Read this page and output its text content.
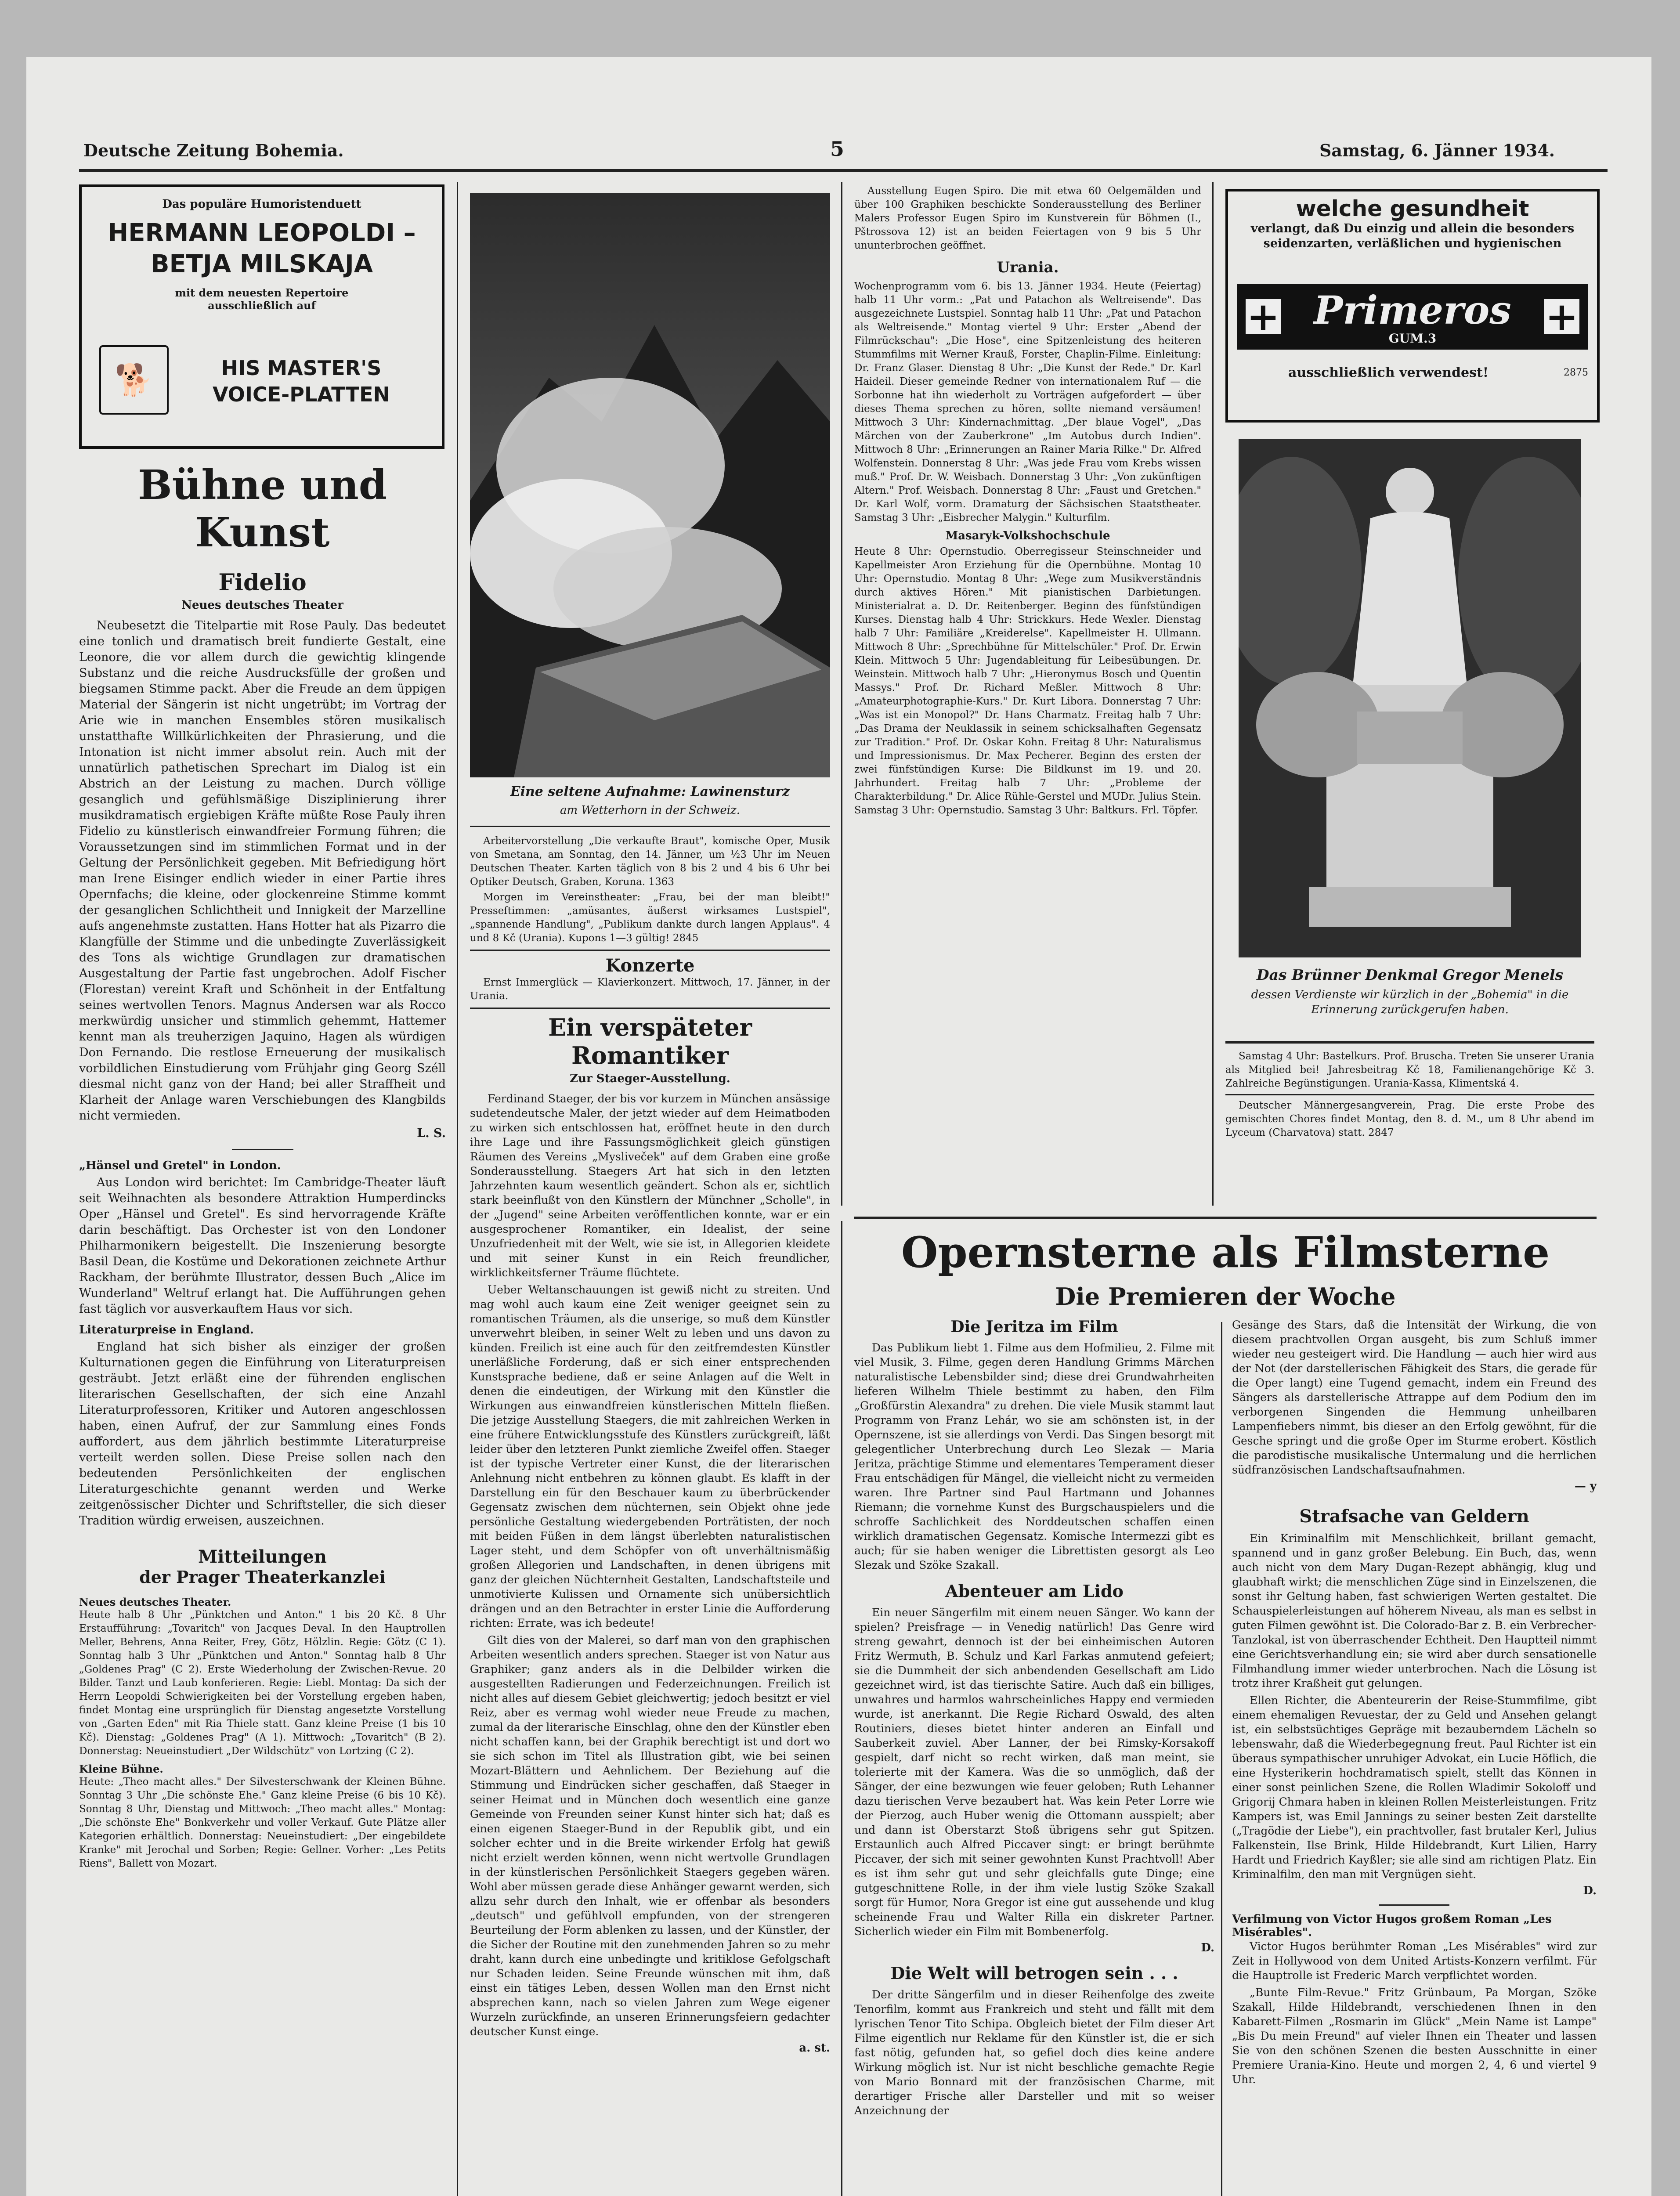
Deutsche Zeitung Bohemia.	5	Samstag, 6. Jänner 1934.
Das populäre Humoristenduett
HERMANN LEOPOLDI –
BETJA MILSKAJA
mit dem neuesten Repertoire
ausschließlich auf
🐕	HIS MASTER'S
VOICE-PLATTEN
Bühne und Kunst
Fidelio
Neues deutsches Theater

Neubesetzt die Titelpartie mit Rose Pauly. Das bedeutet eine tonlich und dramatisch breit fundierte Gestalt, eine Leonore, die vor allem durch die gewichtig klingende Substanz und die reiche Ausdrucksfülle der großen und biegsamen Stimme packt. Aber die Freude an dem üppigen Material der Sängerin ist nicht ungetrübt; im Vortrag der Arie wie in manchen Ensembles stören musikalisch unstatthafte Willkürlichkeiten der Phrasierung, und die Intonation ist nicht immer absolut rein. Auch mit der unnatürlich pathetischen Sprechart im Dialog ist ein Abstrich an der Leistung zu machen. Durch völlige gesanglich und gefühlsmäßige Disziplinierung ihrer musikdramatisch ergiebigen Kräfte müßte Rose Pauly ihren Fidelio zu künstlerisch einwandfreier Formung führen; die Voraussetzungen sind im stimmlichen Format und in der Geltung der Persönlichkeit gegeben. Mit Befriedigung hört man Irene Eisinger endlich wieder in einer Partie ihres Opernfachs; die kleine, oder glockenreine Stimme kommt der gesanglichen Schlichtheit und Innigkeit der Marzelline aufs angenehmste zustatten. Hans Hotter hat als Pizarro die Klangfülle der Stimme und die unbedingte Zuverlässigkeit des Tons als wichtige Grundlagen zur dramatischen Ausgestaltung der Partie fast ungebrochen. Adolf Fischer (Florestan) vereint Kraft und Schönheit in der Entfaltung seines wertvollen Tenors. Magnus Andersen war als Rocco merkwürdig unsicher und stimmlich gehemmt, Hattemer kennt man als treuherzigen Jaquino, Hagen als würdigen Don Fernando. Die restlose Erneuerung der musikalisch vorbildlichen Einstudierung vom Frühjahr ging Georg Széll diesmal nicht ganz von der Hand; bei aller Straffheit und Klarheit der Anlage waren Verschiebungen des Klangbilds nicht vermieden.

L. S.
„Hänsel und Gretel" in London.

Aus London wird berichtet: Im Cambridge-Theater läuft seit Weihnachten als besondere Attraktion Humperdincks Oper „Hänsel und Gretel". Es sind hervorragende Kräfte darin beschäftigt. Das Orchester ist von den Londoner Philharmonikern beigestellt. Die Inszenierung besorgte Basil Dean, die Kostüme und Dekorationen zeichnete Arthur Rackham, der berühmte Illustrator, dessen Buch „Alice im Wunderland" Weltruf erlangt hat. Die Aufführungen gehen fast täglich vor ausverkauftem Haus vor sich.

Literaturpreise in England.

England hat sich bisher als einziger der großen Kulturnationen gegen die Einführung von Literaturpreisen gesträubt. Jetzt erläßt eine der führenden englischen literarischen Gesellschaften, der sich eine Anzahl Literaturprofessoren, Kritiker und Autoren angeschlossen haben, einen Aufruf, der zur Sammlung eines Fonds auffordert, aus dem jährlich bestimmte Literaturpreise verteilt werden sollen. Diese Preise sollen nach den bedeutenden Persönlichkeiten der englischen Literaturgeschichte genannt werden und Werke zeitgenössischer Dichter und Schriftsteller, die sich dieser Tradition würdig erweisen, auszeichnen.

Mitteilungen
der Prager Theaterkanzlei
Neues deutsches Theater.

Heute halb 8 Uhr „Pünktchen und Anton." 1 bis 20 Kč. 8 Uhr Erstaufführung: „Tovaritch" von Jacques Deval. In den Hauptrollen Meller, Behrens, Anna Reiter, Frey, Götz, Hölzlin. Regie: Götz (C 1). Sonntag halb 3 Uhr „Pünktchen und Anton." Sonntag halb 8 Uhr „Goldenes Prag" (C 2). Erste Wiederholung der Zwischen-Revue. 20 Bilder. Tanzt und Laub konferieren. Regie: Liebl. Montag: Da sich der Herrn Leopoldi Schwierigkeiten bei der Vorstellung ergeben haben, findet Montag eine ursprünglich für Dienstag angesetzte Vorstellung von „Garten Eden" mit Ria Thiele statt. Ganz kleine Preise (1 bis 10 Kč). Dienstag: „Goldenes Prag" (A 1). Mittwoch: „Tovaritch" (B 2). Donnerstag: Neueinstudiert „Der Wildschütz" von Lortzing (C 2).

Kleine Bühne.

Heute: „Theo macht alles." Der Silvesterschwank der Kleinen Bühne. Sonntag 3 Uhr „Die schönste Ehe." Ganz kleine Preise (6 bis 10 Kč). Sonntag 8 Uhr, Dienstag und Mittwoch: „Theo macht alles." Montag: „Die schönste Ehe" Bonkverkehr und voller Verkauf. Gute Plätze aller Kategorien erhältlich. Donnerstag: Neueinstudiert: „Der eingebildete Kranke" mit Jerochal und Sorben; Regie: Gellner. Vorher: „Les Petits Riens", Ballett von Mozart.

Eine seltene Aufnahme: Lawinensturz
am Wetterhorn in der Schweiz.

Arbeitervorstellung „Die verkaufte Braut", komische Oper, Musik von Smetana, am Sonntag, den 14. Jänner, um ½3 Uhr im Neuen Deutschen Theater. Karten täglich von 8 bis 2 und 4 bis 6 Uhr bei Optiker Deutsch, Graben, Koruna. 1363

Morgen im Vereinstheater: „Frau, bei der man bleibt!" Presseſtimmen: „amüsantes, äußerst wirksames Lustspiel", „spannende Handlung", „Publikum dankte durch langen Applaus". 4 und 8 Kč (Urania). Kupons 1—3 gültig! 2845

Konzerte

Ernst Immerglück — Klavierkonzert. Mittwoch, 17. Jänner, in der Urania.

Ein verspäteter Romantiker
Zur Staeger-Ausstellung.

Ferdinand Staeger, der bis vor kurzem in München ansässige sudetendeutsche Maler, der jetzt wieder auf dem Heimatboden zu wirken sich entschlossen hat, eröffnet heute in den durch ihre Lage und ihre Fassungsmöglichkeit gleich günstigen Räumen des Vereins „Mysliveček" auf dem Graben eine große Sonderausstellung. Staegers Art hat sich in den letzten Jahrzehnten kaum wesentlich geändert. Schon als er, sichtlich stark beeinflußt von den Künstlern der Münchner „Scholle", in der „Jugend" seine Arbeiten veröffentlichen konnte, war er ein ausgesprochener Romantiker, ein Idealist, der seine Unzufriedenheit mit der Welt, wie sie ist, in Allegorien kleidete und mit seiner Kunst in ein Reich freundlicher, wirklichkeitsferner Träume flüchtete.

Ueber Weltanschauungen ist gewiß nicht zu streiten. Und mag wohl auch kaum eine Zeit weniger geeignet sein zu romantischen Träumen, als die unserige, so muß dem Künstler unverwehrt bleiben, in seiner Welt zu leben und uns davon zu künden. Freilich ist eine auch für den zeitfremdesten Künstler unerläßliche Forderung, daß er sich einer entsprechenden Kunstsprache bediene, daß er seine Anlagen auf die Welt in denen die eindeutigen, der Wirkung mit den Künstler die Wirkungen aus einwandfreien künstlerischen Mitteln fließen. Die jetzige Ausstellung Staegers, die mit zahlreichen Werken in eine frühere Entwicklungsstufe des Künstlers zurückgreift, läßt leider über den letzteren Punkt ziemliche Zweifel offen. Staeger ist der typische Vertreter einer Kunst, die der literarischen Anlehnung nicht entbehren zu können glaubt. Es klafft in der Darstellung ein für den Beschauer kaum zu überbrückender Gegensatz zwischen dem nüchternen, sein Objekt ohne jede persönliche Gestaltung wiedergebenden Porträtisten, der noch mit beiden Füßen in dem längst überlebten naturalistischen Lager steht, und dem Schöpfer von oft unverhältnismäßig großen Allegorien und Landschaften, in denen übrigens mit ganz der gleichen Nüchternheit Gestalten, Landschaftsteile und unmotivierte Kulissen und Ornamente sich unübersichtlich drängen und an den Betrachter in erster Linie die Aufforderung richten: Errate, was ich bedeute!

Gilt dies von der Malerei, so darf man von den graphischen Arbeiten wesentlich anders sprechen. Staeger ist von Natur aus Graphiker; ganz anders als in die Delbilder wirken die ausgestellten Radierungen und Federzeichnungen. Freilich ist nicht alles auf diesem Gebiet gleichwertig; jedoch besitzt er viel Reiz, aber es vermag wohl wieder neue Freude zu machen, zumal da der literarische Einschlag, ohne den der Künstler eben nicht schaffen kann, bei der Graphik berechtigt ist und dort wo sie sich schon im Titel als Illustration gibt, wie bei seinen Mozart-Blättern und Aehnlichem. Der Beziehung auf die Stimmung und Eindrücken sicher geschaffen, daß Staeger in seiner Heimat und in München doch wesentlich eine ganze Gemeinde von Freunden seiner Kunst hinter sich hat; daß es einen eigenen Staeger-Bund in der Republik gibt, und ein solcher echter und in die Breite wirkender Erfolg hat gewiß nicht erzielt werden können, wenn nicht wertvolle Grundlagen in der künstlerischen Persönlichkeit Staegers gegeben wären. Wohl aber müssen gerade diese Anhänger gewarnt werden, sich allzu sehr durch den Inhalt, wie er offenbar als besonders „deutsch" und gefühlvoll empfunden, von der strengeren Beurteilung der Form ablenken zu lassen, und der Künstler, der die Sicher der Routine mit den zunehmenden Jahren so zu mehr draht, kann durch eine unbedingte und kritiklose Gefolgschaft nur Schaden leiden. Seine Freunde wünschen mit ihm, daß einst ein tätiges Leben, dessen Wollen man den Ernst nicht absprechen kann, nach so vielen Jahren zum Wege eigener Wurzeln zurückfinde, an unseren Erinnerungsfeiern gedachter deutscher Kunst einge.

a. st.

Ausstellung Eugen Spiro. Die mit etwa 60 Oelgemälden und über 100 Graphiken beschickte Sonderausstellung des Berliner Malers Professor Eugen Spiro im Kunstverein für Böhmen (I., Pštrossova 12) ist an beiden Feiertagen von 9 bis 5 Uhr ununterbrochen geöffnet.

Urania.

Wochenprogramm vom 6. bis 13. Jänner 1934. Heute (Feiertag) halb 11 Uhr vorm.: „Pat und Patachon als Weltreisende". Das ausgezeichnete Lustspiel. Sonntag halb 11 Uhr: „Pat und Patachon als Weltreisende." Montag viertel 9 Uhr: Erster „Abend der Filmrückschau": „Die Hose", eine Spitzenleistung des heiteren Stummfilms mit Werner Krauß, Forster, Chaplin-Filme. Einleitung: Dr. Franz Glaser. Dienstag 8 Uhr: „Die Kunst der Rede." Dr. Karl Haideil. Dieser gemeinde Redner von internationalem Ruf — die Sorbonne hat ihn wiederholt zu Vorträgen aufgefordert — über dieses Thema sprechen zu hören, sollte niemand versäumen! Mittwoch 3 Uhr: Kindernachmittag. „Der blaue Vogel", „Das Märchen von der Zauberkrone" „Im Autobus durch Indien". Mittwoch 8 Uhr: „Erinnerungen an Rainer Maria Rilke." Dr. Alfred Wolfenstein. Donnerstag 8 Uhr: „Was jede Frau vom Krebs wissen muß." Prof. Dr. W. Weisbach. Donnerstag 3 Uhr: „Von zukünftigen Altern." Prof. Weisbach. Donnerstag 8 Uhr: „Faust und Gretchen." Dr. Karl Wolf, vorm. Dramaturg der Sächsischen Staatstheater. Samstag 3 Uhr: „Eisbrecher Malygin." Kulturfilm.

Masaryk-Volkshochschule

Heute 8 Uhr: Opernstudio. Oberregisseur Steinschneider und Kapellmeister Aron Erziehung für die Opernbühne. Montag 10 Uhr: Opernstudio. Montag 8 Uhr: „Wege zum Musikverständnis durch aktives Hören." Mit pianistischen Darbietungen. Ministerialrat a. D. Dr. Reitenberger. Beginn des fünfstündigen Kurses. Dienstag halb 4 Uhr: Strickkurs. Hede Wexler. Dienstag halb 7 Uhr: Familiäre „Kreiderelse". Kapellmeister H. Ullmann. Mittwoch 8 Uhr: „Sprechbühne für Mittelschüler." Prof. Dr. Erwin Klein. Mittwoch 5 Uhr: Jugendableitung für Leibesübungen. Dr. Weinstein. Mittwoch halb 7 Uhr: „Hieronymus Bosch und Quentin Massys." Prof. Dr. Richard Meßler. Mittwoch 8 Uhr: „Amateurphotographie-Kurs." Dr. Kurt Libora. Donnerstag 7 Uhr: „Was ist ein Monopol?" Dr. Hans Charmatz. Freitag halb 7 Uhr: „Das Drama der Neuklassik in seinem schicksalhaften Gegensatz zur Tradition." Prof. Dr. Oskar Kohn. Freitag 8 Uhr: Naturalismus und Impressionismus. Dr. Max Pecherer. Beginn des ersten der zwei fünfstündigen Kurse: Die Bildkunst im 19. und 20. Jahrhundert. Freitag halb 7 Uhr: „Probleme der Charakterbildung." Dr. Alice Rühle-Gerstel und MUDr. Julius Stein. Samstag 3 Uhr: Opernstudio. Samstag 3 Uhr: Baltkurs. Frl. Töpfer.

welche gesundheit
verlangt, daß Du einzig und allein die besonders seidenzarten, verläßlichen und hygienischen
+	+
Primeros
GUM.3
ausschließlich verwendest!	2875
Das Brünner Denkmal Gregor Menels
dessen Verdienste wir kürzlich in der „Bohemia" in die Erinnerung zurückgerufen haben.

Samstag 4 Uhr: Bastelkurs. Prof. Bruscha. Treten Sie unserer Urania als Mitglied bei! Jahresbeitrag Kč 18, Familienangehörige Kč 3. Zahlreiche Begünstigungen. Urania-Kassa, Klimentská 4.

Deutscher Männergesangverein, Prag. Die erste Probe des gemischten Chores findet Montag, den 8. d. M., um 8 Uhr abend im Lyceum (Charvatova) statt. 2847

Opernsterne als Filmsterne
Die Premieren der Woche
Die Jeritza im Film

Das Publikum liebt 1. Filme aus dem Hofmilieu, 2. Filme mit viel Musik, 3. Filme, gegen deren Handlung Grimms Märchen naturalistische Lebensbilder sind; diese drei Grundwahrheiten lieferen Wilhelm Thiele bestimmt zu haben, den Film „Großfürstin Alexandra" zu drehen. Die viele Musik stammt laut Programm von Franz Lehár, wo sie am schönsten ist, in der Opernszene, ist sie allerdings von Verdi. Das Singen besorgt mit gelegentlicher Unterbrechung durch Leo Slezak — Maria Jeritza, prächtige Stimme und elementares Temperament dieser Frau entschädigen für Mängel, die vielleicht nicht zu vermeiden waren. Ihre Partner sind Paul Hartmann und Johannes Riemann; die vornehme Kunst des Burgschauspielers und die schroffe Sachlichkeit des Norddeutschen schaffen einen wirklich dramatischen Gegensatz. Komische Intermezzi gibt es auch; für sie haben weniger die Librettisten gesorgt als Leo Slezak und Szöke Szakall.

Abenteuer am Lido

Ein neuer Sängerfilm mit einem neuen Sänger. Wo kann der spielen? Preisfrage — in Venedig natürlich! Das Genre wird streng gewahrt, dennoch ist der bei einheimischen Autoren Fritz Wermuth, B. Schulz und Karl Farkas anmutend gefeiert; sie die Dummheit der sich anbendenden Gesellschaft am Lido gezeichnet wird, ist das tierischte Satire. Auch daß ein billiges, unwahres und harmlos wahrscheinliches Happy end vermieden wurde, ist anerkannt. Die Regie Richard Oswald, des alten Routiniers, dieses bietet hinter anderen an Einfall und Sauberkeit zuviel. Aber Lanner, der bei Rimsky-Korsakoff gespielt, darf nicht so recht wirken, daß man meint, sie tolerierte mit der Kamera. Was die so unmöglich, daß der Sänger, der eine bezwungen wie feuer geloben; Ruth Lehanner dazu tierischen Verve bezaubert hat. Was kein Peter Lorre wie der Pierzog, auch Huber wenig die Ottomann ausspielt; aber und dann ist Oberstarzt Stoß übrigens sehr gut Spitzen. Erstaunlich auch Alfred Piccaver singt: er bringt berühmte Piccaver, der sich mit seiner gewohnten Kunst Prachtvoll! Aber es ist ihm sehr gut und sehr gleichfalls gute Dinge; eine gutgeschnittene Rolle, in der ihm viele lustig Szöke Szakall sorgt für Humor, Nora Gregor ist eine gut aussehende und klug scheinende Frau und Walter Rilla ein diskreter Partner. Sicherlich wieder ein Film mit Bombenerfolg.

D.
Die Welt will betrogen sein . . .

Der dritte Sängerfilm und in dieser Reihenfolge des zweite Tenorfilm, kommt aus Frankreich und steht und fällt mit dem lyrischen Tenor Tito Schipa. Obgleich bietet der Film dieser Art Filme eigentlich nur Reklame für den Künstler ist, die er sich fast nötig, gefunden hat, so gefiel doch dies keine andere Wirkung möglich ist. Nur ist nicht beschliche gemachte Regie von Mario Bonnard mit der französischen Charme, mit derartiger Frische aller Darsteller und mit so weiser Anzeichnung der

Gesänge des Stars, daß die Intensität der Wirkung, die von diesem prachtvollen Organ ausgeht, bis zum Schluß immer wieder neu gesteigert wird. Die Handlung — auch hier wird aus der Not (der darstellerischen Fähigkeit des Stars, die gerade für die Oper langt) eine Tugend gemacht, indem ein Freund des Sängers als darstellerische Attrappe auf dem Podium den im verborgenen Singenden die Hemmung unheilbaren Lampenfiebers nimmt, bis dieser an den Erfolg gewöhnt, für die Gesche springt und die große Oper im Sturme erobert. Köstlich die parodistische musikalische Untermalung und die herrlichen südfranzösischen Landschaftsaufnahmen.

— y
Strafsache van Geldern

Ein Kriminalfilm mit Menschlichkeit, brillant gemacht, spannend und in ganz großer Belebung. Ein Buch, das, wenn auch nicht von dem Mary Dugan-Rezept abhängig, klug und glaubhaft wirkt; die menschlichen Züge sind in Einzelszenen, die sonst ihr Geltung haben, fast schwierigen Werten gestaltet. Die Schauspielerleistungen auf höherem Niveau, als man es selbst in guten Filmen gewöhnt ist. Die Colorado-Bar z. B. ein Verbrecher-Tanzlokal, ist von überraschender Echtheit. Den Hauptteil nimmt eine Gerichtsverhandlung ein; sie wird aber durch sensationelle Filmhandlung immer wieder unterbrochen. Nach die Lösung ist trotz ihrer Kraßheit gut gelungen.

Ellen Richter, die Abenteurerin der Reise-Stummfilme, gibt einem ehemaligen Revuestar, der zu Geld und Ansehen gelangt ist, ein selbstsüchtiges Gepräge mit bezauberndem Lächeln so lebenswahr, daß die Wiederbegegnung freut. Paul Richter ist ein überaus sympathischer unruhiger Advokat, ein Lucie Höflich, die eine Hysterikerin hochdramatisch spielt, stellt das Können in einer sonst peinlichen Szene, die Rollen Wladimir Sokoloff und Grigorij Chmara haben in kleinen Rollen Meisterleistungen. Fritz Kampers ist, was Emil Jannings zu seiner besten Zeit darstellte („Tragödie der Liebe"), ein prachtvoller, fast brutaler Kerl, Julius Falkenstein, Ilse Brink, Hilde Hildebrandt, Kurt Lilien, Harry Hardt und Friedrich Kayßler; sie alle sind am richtigen Platz. Ein Kriminalfilm, den man mit Vergnügen sieht.

D.
Verfilmung von Victor Hugos großem Roman „Les Misérables".

Victor Hugos berühmter Roman „Les Misérables" wird zur Zeit in Hollywood von dem United Artists-Konzern verfilmt. Für die Hauptrolle ist Frederic March verpflichtet worden.

„Bunte Film-Revue." Fritz Grünbaum, Pa Morgan, Szöke Szakall, Hilde Hildebrandt, verschiedenen Ihnen in den Kabarett-Filmen „Rosmarin im Glück" „Mein Name ist Lampe" „Bis Du mein Freund" auf vieler Ihnen ein Theater und lassen Sie von den schönen Szenen die besten Ausschnitte in einer Premiere Urania-Kino. Heute und morgen 2, 4, 6 und viertel 9 Uhr.
